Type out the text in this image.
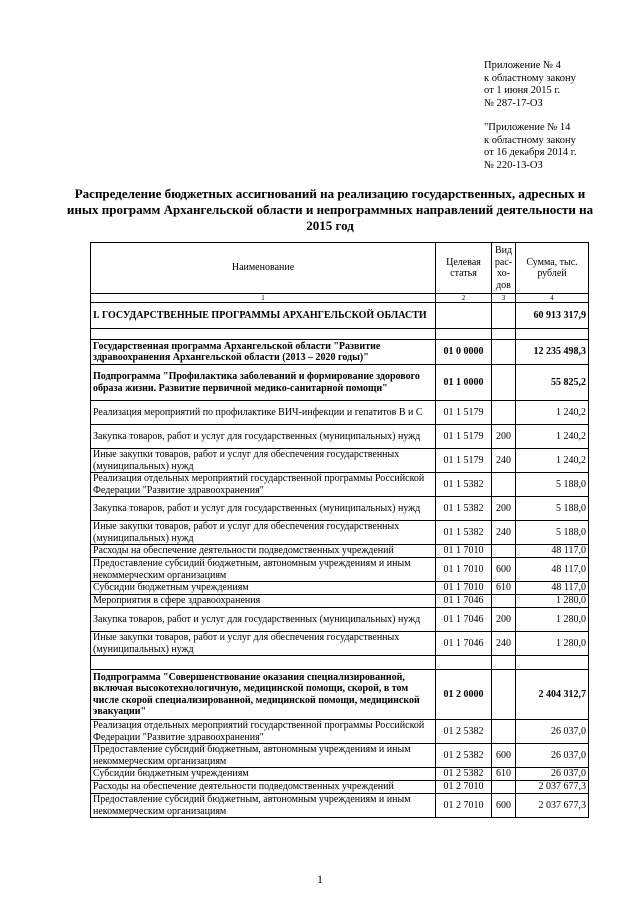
Приложение № 4
к областному закону
от 1 июня 2015 г.
№ 287-17-ОЗ
"Приложение № 14
к областному закону
от 16 декабря 2014 г.
№ 220-13-ОЗ
Распределение бюджетных ассигнований на реализацию государственных, адресных и иных программ Архангельской области и непрограммных направлений деятельности на 2015 год
Наименование	Целевая статья	Вид рас-хо-дов	Сумма, тыс. рублей
1	2	3	4
I. ГОСУДАРСТВЕННЫЕ ПРОГРАММЫ АРХАНГЕЛЬСКОЙ ОБЛАСТИ			60 913 317,9

Государственная программа Архангельской области "Развитие здравоохранения Архангельской области (2013 – 2020 годы)"	01 0 0000		12 235 498,3
Подпрограмма "Профилактика заболеваний и формирование здорового образа жизни. Развитие первичной медико-санитарной помощи"	01 1 0000		55 825,2
Реализация мероприятий по профилактике ВИЧ-инфекции и гепатитов В и С	01 1 5179		1 240,2
Закупка товаров, работ и услуг для государственных (муниципальных) нужд	01 1 5179	200	1 240,2
Иные закупки товаров, работ и услуг для обеспечения государственных (муниципальных) нужд	01 1 5179	240	1 240,2
Реализация отдельных мероприятий государственной программы Российской Федерации "Развитие здравоохранения"	01 1 5382		5 188,0
Закупка товаров, работ и услуг для государственных (муниципальных) нужд	01 1 5382	200	5 188,0
Иные закупки товаров, работ и услуг для обеспечения государственных (муниципальных) нужд	01 1 5382	240	5 188,0
Расходы на обеспечение деятельности подведомственных учреждений	01 1 7010		48 117,0
Предоставление субсидий бюджетным, автономным учреждениям и иным некоммерческим организациям	01 1 7010	600	48 117,0
Субсидии бюджетным учреждениям	01 1 7010	610	48 117,0
Мероприятия в сфере здравоохранения	01 1 7046		1 280,0
Закупка товаров, работ и услуг для государственных (муниципальных) нужд	01 1 7046	200	1 280,0
Иные закупки товаров, работ и услуг для обеспечения государственных (муниципальных) нужд	01 1 7046	240	1 280,0

Подпрограмма "Совершенствование оказания специализированной, включая высокотехнологичную, медицинской помощи, скорой, в том числе скорой специализированной, медицинской помощи, медицинской эвакуации"	01 2 0000		2 404 312,7
Реализация отдельных мероприятий государственной программы Российской Федерации "Развитие здравоохранения"	01 2 5382		26 037,0
Предоставление субсидий бюджетным, автономным учреждениям и иным некоммерческим организациям	01 2 5382	600	26 037,0
Субсидии бюджетным учреждениям	01 2 5382	610	26 037,0
Расходы на обеспечение деятельности подведомственных учреждений	01 2 7010		2 037 677,3
Предоставление субсидий бюджетным, автономным учреждениям и иным некоммерческим организациям	01 2 7010	600	2 037 677,3
1
